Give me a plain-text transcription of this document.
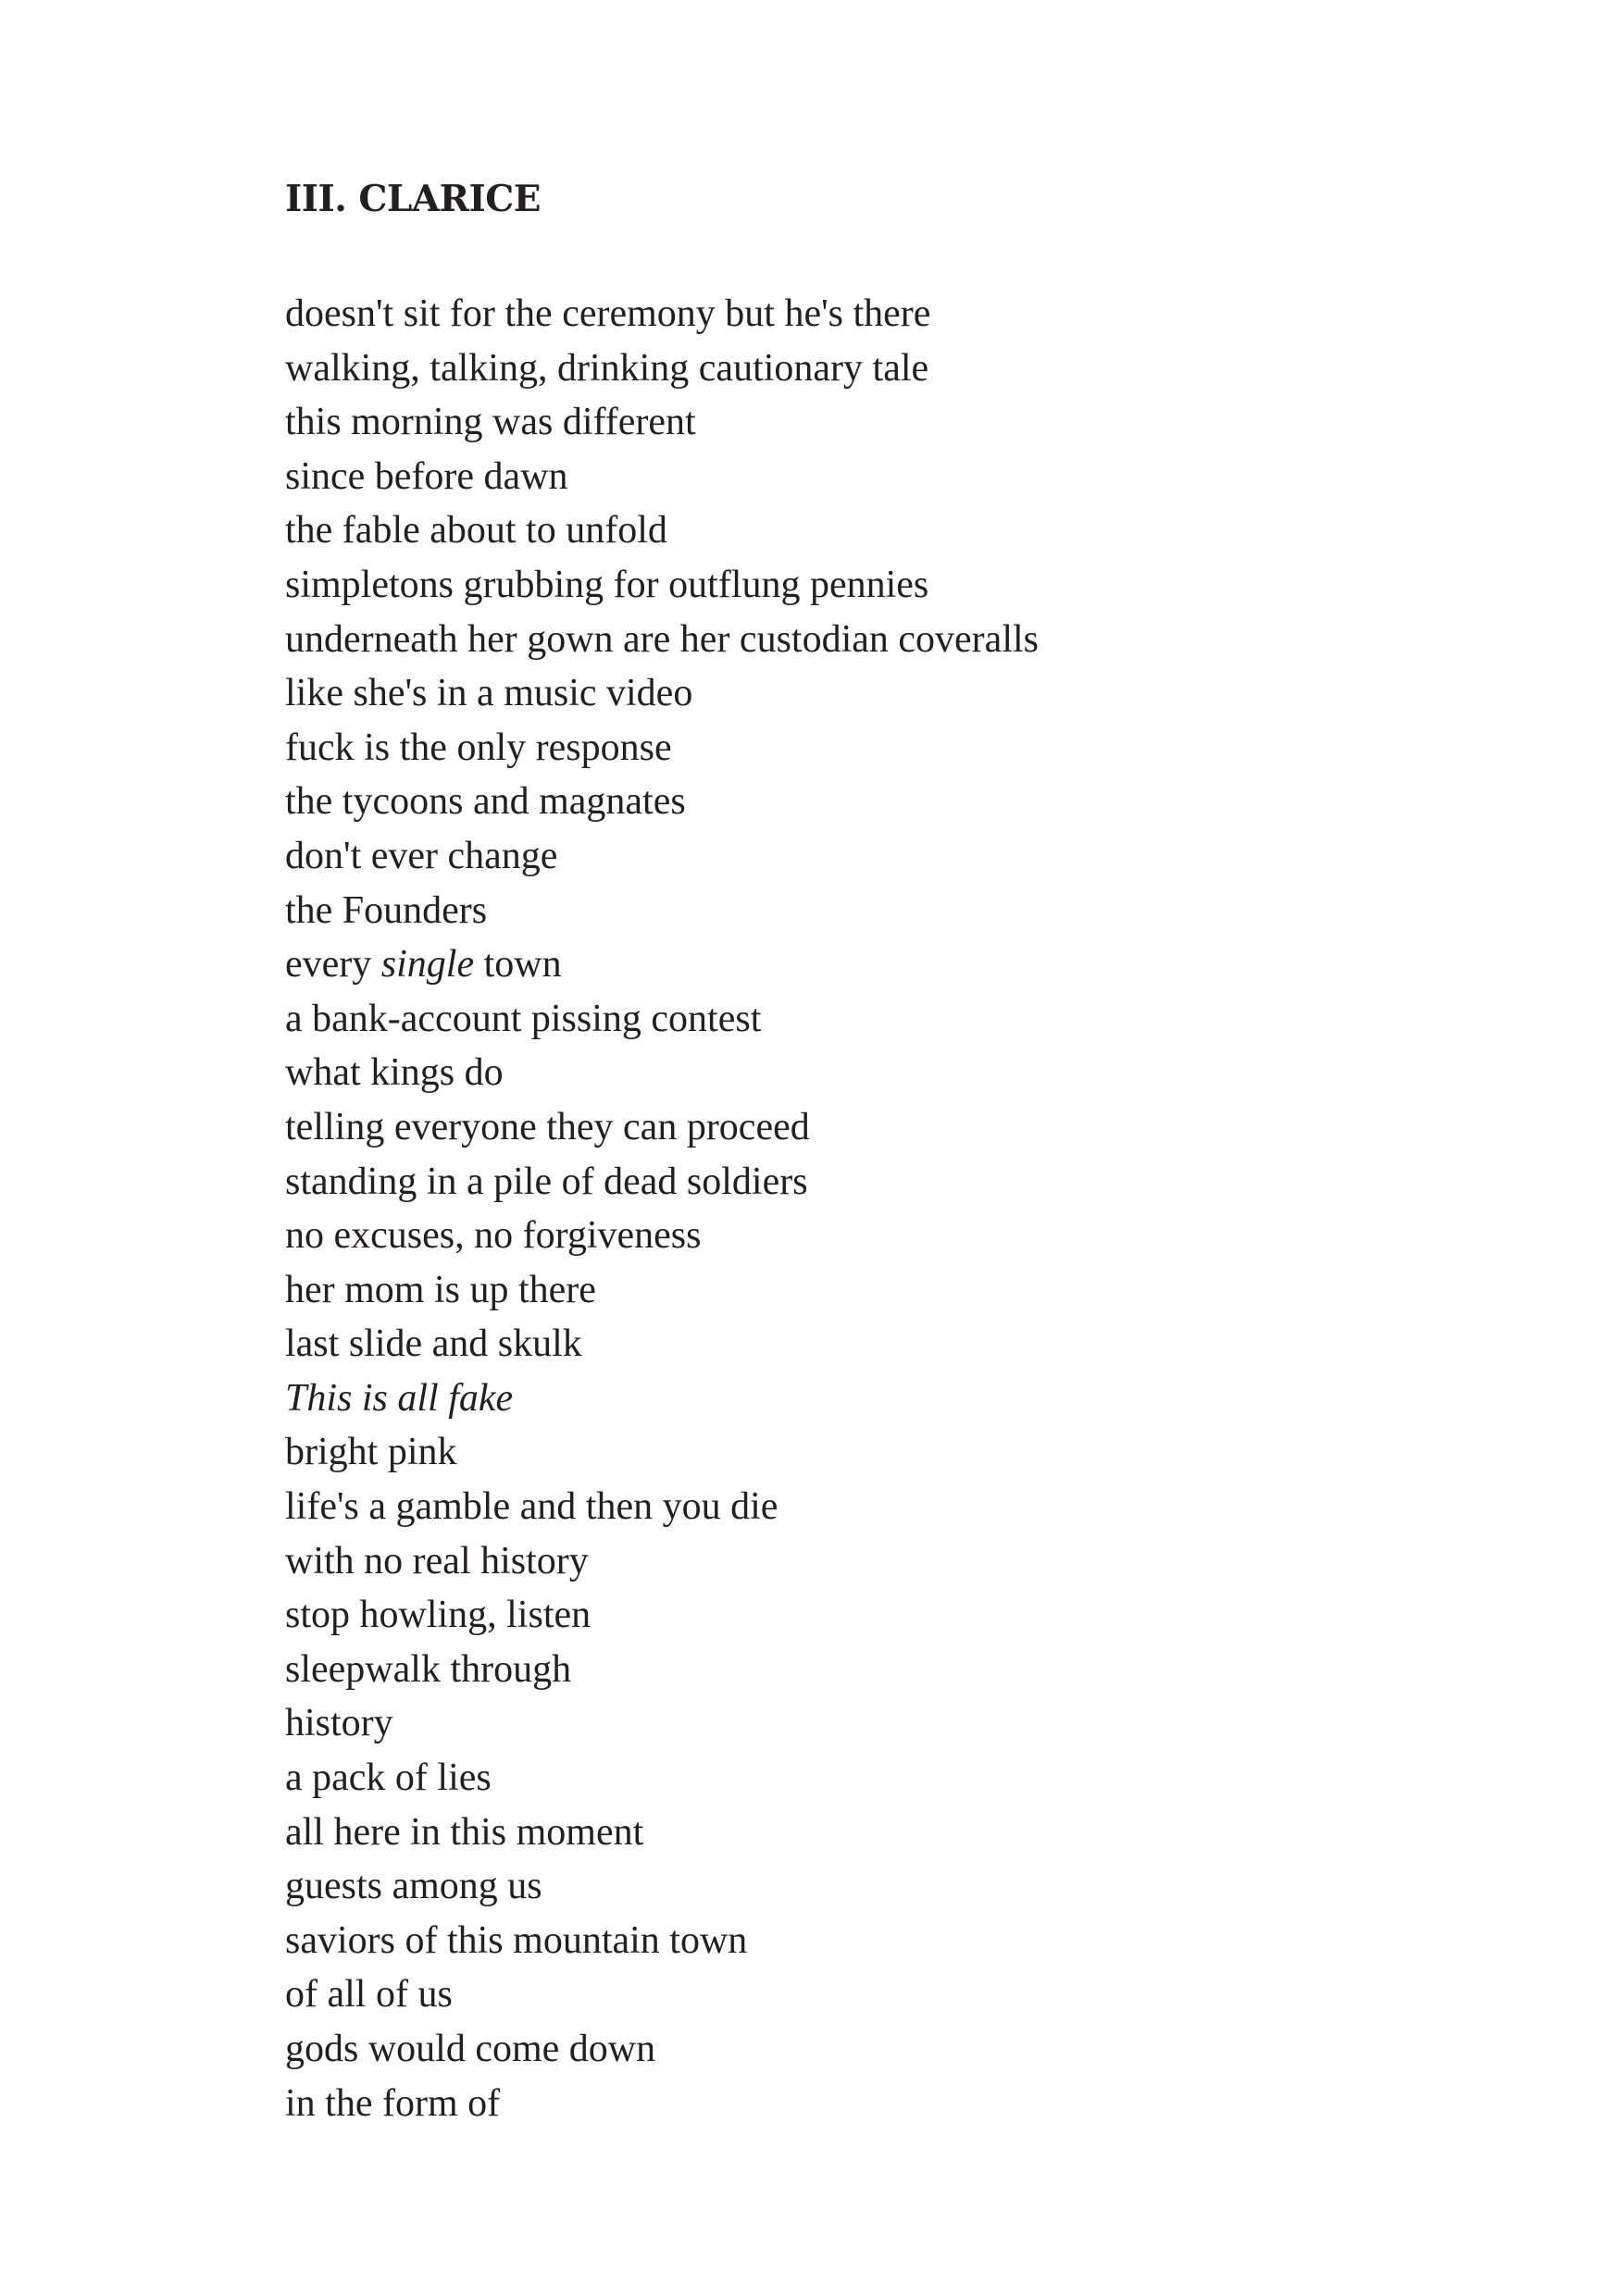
III. CLARICE
doesn't sit for the ceremony but he's there
walking, talking, drinking cautionary tale
this morning was different
since before dawn
the fable about to unfold
simpletons grubbing for outflung pennies
underneath her gown are her custodian coveralls
like she's in a music video
fuck is the only response
the tycoons and magnates
don't ever change
the Founders
every single town
a bank-account pissing contest
what kings do
telling everyone they can proceed
standing in a pile of dead soldiers
no excuses, no forgiveness
her mom is up there
last slide and skulk
This is all fake
bright pink
life's a gamble and then you die
with no real history
stop howling, listen
sleepwalk through
history
a pack of lies
all here in this moment
guests among us
saviors of this mountain town
of all of us
gods would come down
in the form of
